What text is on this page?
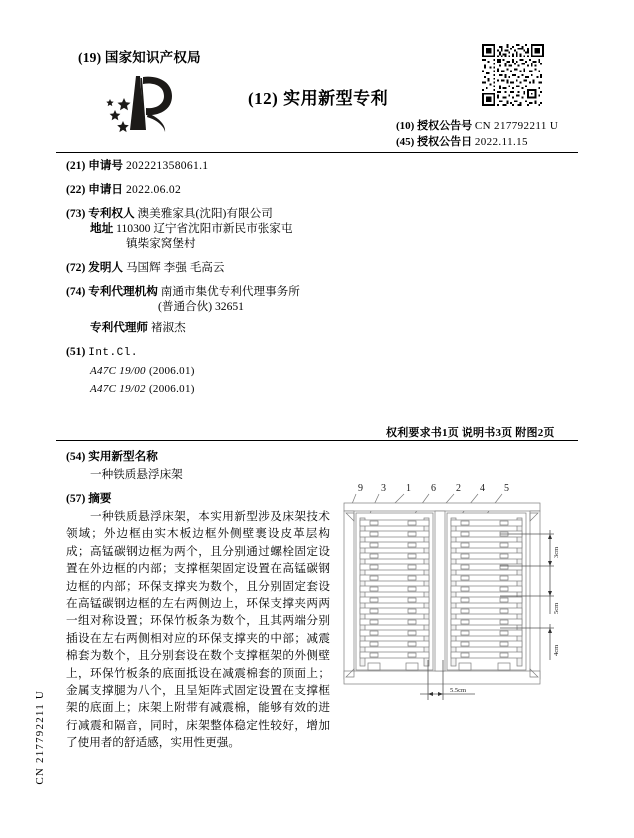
(19) 国家知识产权局
(12) 实用新型专利
(10) 授权公告号 CN 217792211 U
(45) 授权公告日 2022.11.15
(21) 申请号 202221358061.1
(22) 申请日 2022.06.02
(73) 专利权人 澳美雅家具(沈阳)有限公司
地址 110300 辽宁省沈阳市新民市张家屯
镇柴家窝堡村
(72) 发明人 马国辉 李强 毛高云
(74) 专利代理机构 南通市集优专利代理事务所
(普通合伙) 32651
专利代理师 褚淑杰
(51) Int.Cl.
A47C 19/00 (2006.01)
A47C 19/02 (2006.01)
权利要求书1页 说明书3页 附图2页
(54) 实用新型名称
一种铁质悬浮床架
(57) 摘要
一种铁质悬浮床架，本实用新型涉及床架技术领域；外边框由实木板边框外侧壁裹设皮革层构成；高锰碳钢边框为两个，且分别通过螺栓固定设置在外边框的内部；支撑框架固定设置在高锰碳钢边框的内部；环保支撑夹为数个，且分别固定套设在高锰碳钢边框的左右两侧边上，环保支撑夹两两一组对称设置；环保竹板条为数个，且其两端分别插设在左右两侧相对应的环保支撑夹的中部；减震棉套为数个，且分别套设在数个支撑框架的外侧壁上，环保竹板条的底面抵设在减震棉套的顶面上；金属支撑腿为八个，且呈矩阵式固定设置在支撑框架的底面上；床架上附带有减震棉，能够有效的进行减震和隔音，同时，床架整体稳定性较好，增加了使用者的舒适感，实用性更强。
CN 217792211 U
9 3 1 6 2 4 5
3cm
5cm
4cm
5.5cm
